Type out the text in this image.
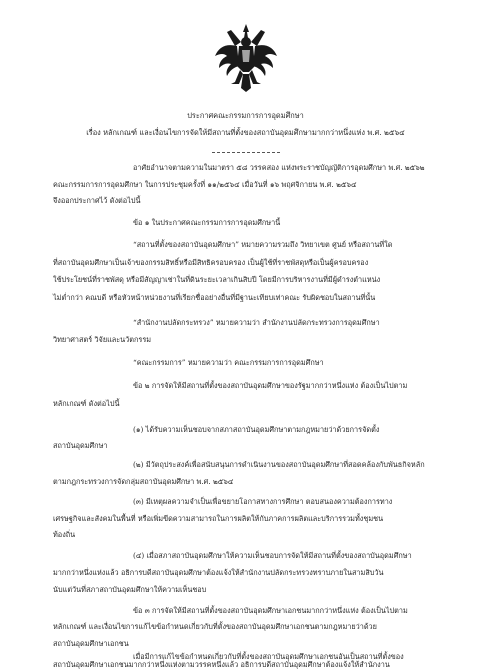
ประกาศคณะกรรมการการอุดมศึกษา
เรื่อง หลักเกณฑ์ และเงื่อนไขการจัดให้มีสถานที่ตั้งของสถาบันอุดมศึกษามากกว่าหนึ่งแห่ง พ.ศ. ๒๕๖๔
อาศัยอำนาจตามความในมาตรา ๕๘ วรรคสอง แห่งพระราชบัญญัติการอุดมศึกษา พ.ศ. ๒๕๖๒
คณะกรรมการการอุดมศึกษา ในการประชุมครั้งที่ ๑๑/๒๕๖๔ เมื่อวันที่ ๑๖ พฤศจิกายน พ.ศ. ๒๕๖๔
จึงออกประกาศไว้ ดังต่อไปนี้
ข้อ ๑ ในประกาศคณะกรรมการการอุดมศึกษานี้
“สถานที่ตั้งของสถาบันอุดมศึกษา” หมายความรวมถึง วิทยาเขต ศูนย์ หรือสถานที่ใด
ที่สถาบันอุดมศึกษาเป็นเจ้าของกรรมสิทธิ์หรือมีสิทธิครอบครอง เป็นผู้ใช้ที่ราชพัสดุหรือเป็นผู้ครอบครอง
ใช้ประโยชน์ที่ราชพัสดุ หรือมีสัญญาเช่าในที่ดินระยะเวลาเกินสิบปี โดยมีการบริหารงานที่มีผู้ดำรงตำแหน่ง
ไม่ต่ำกว่า คณบดี หรือหัวหน้าหน่วยงานที่เรียกชื่ออย่างอื่นที่มีฐานะเทียบเท่าคณะ รับผิดชอบในสถานที่นั้น
“สำนักงานปลัดกระทรวง” หมายความว่า สำนักงานปลัดกระทรวงการอุดมศึกษา
วิทยาศาสตร์ วิจัยและนวัตกรรม
“คณะกรรมการ” หมายความว่า คณะกรรมการการอุดมศึกษา
ข้อ ๒ การจัดให้มีสถานที่ตั้งของสถาบันอุดมศึกษาของรัฐมากกว่าหนึ่งแห่ง ต้องเป็นไปตาม
หลักเกณฑ์ ดังต่อไปนี้
(๑) ได้รับความเห็นชอบจากสภาสถาบันอุดมศึกษาตามกฎหมายว่าด้วยการจัดตั้ง
สถาบันอุดมศึกษา
(๒) มีวัตถุประสงค์เพื่อสนับสนุนการดำเนินงานของสถาบันอุดมศึกษาที่สอดคล้องกับพันธกิจหลัก
ตามกฎกระทรวงการจัดกลุ่มสถาบันอุดมศึกษา พ.ศ. ๒๕๖๔
(๓) มีเหตุผลความจำเป็นเพื่อขยายโอกาสทางการศึกษา ตอบสนองความต้องการทาง
เศรษฐกิจและสังคมในพื้นที่ หรือเพิ่มขีดความสามารถในการผลิตให้กับภาคการผลิตและบริการรวมทั้งชุมชน
ท้องถิ่น
(๔) เมื่อสภาสถาบันอุดมศึกษาให้ความเห็นชอบการจัดให้มีสถานที่ตั้งของสถาบันอุดมศึกษา
มากกว่าหนึ่งแห่งแล้ว อธิการบดีสถาบันอุดมศึกษาต้องแจ้งให้สำนักงานปลัดกระทรวงทราบภายในสามสิบวัน
นับแต่วันที่สภาสถาบันอุดมศึกษาให้ความเห็นชอบ
ข้อ ๓ การจัดให้มีสถานที่ตั้งของสถาบันอุดมศึกษาเอกชนมากกว่าหนึ่งแห่ง ต้องเป็นไปตาม
หลักเกณฑ์ และเงื่อนไขการแก้ไขข้อกำหนดเกี่ยวกับที่ตั้งของสถาบันอุดมศึกษาเอกชนตามกฎหมายว่าด้วย
สถาบันอุดมศึกษาเอกชน
เมื่อมีการแก้ไขข้อกำหนดเกี่ยวกับที่ตั้งของสถาบันอุดมศึกษาเอกชนอันเป็นสถานที่ตั้งของ
สถาบันอุดมศึกษาเอกชนมากกว่าหนึ่งแห่งตามวรรคหนึ่งแล้ว อธิการบดีสถาบันอุดมศึกษาต้องแจ้งให้สำนักงาน
